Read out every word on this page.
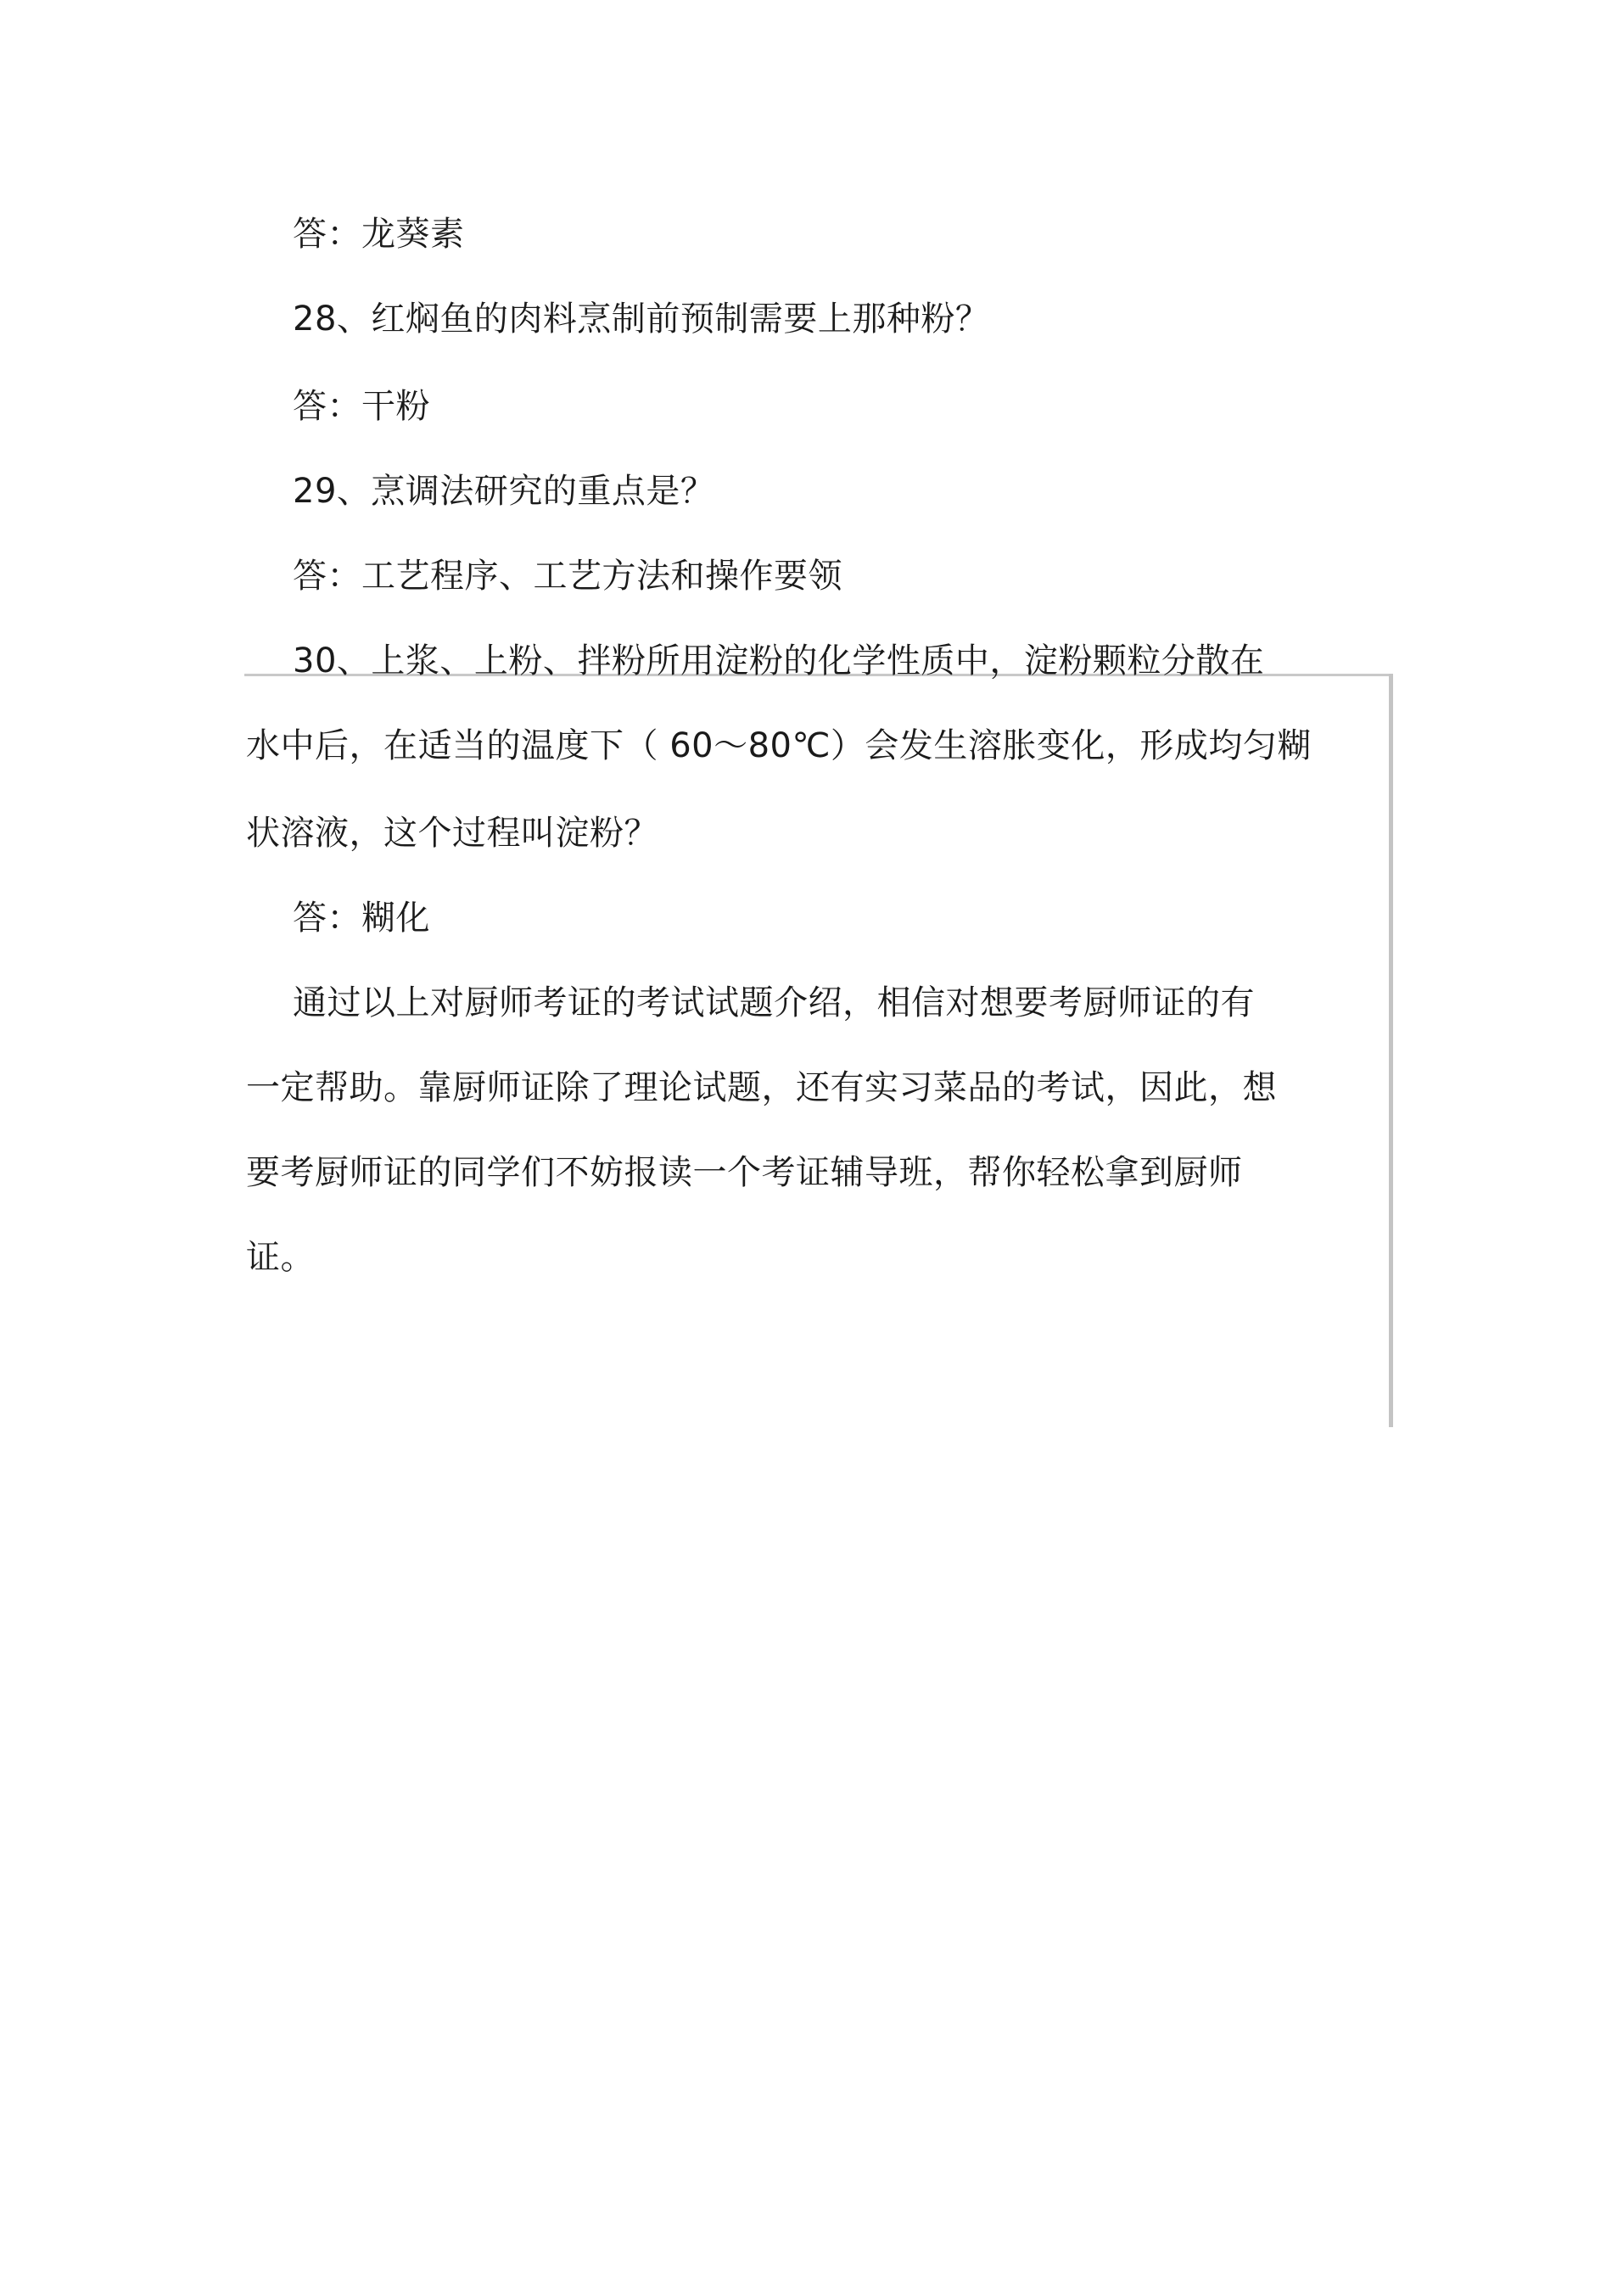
答：龙葵素
28、红焖鱼的肉料烹制前预制需要上那种粉？
答：干粉
29、烹调法研究的重点是？
答：工艺程序、工艺方法和操作要领
30、上浆、上粉、拌粉所用淀粉的化学性质中，淀粉颗粒分散在
水中后，在适当的温度下（ 60～80℃）会发生溶胀变化，形成均匀糊
状溶液，这个过程叫淀粉？
答：糊化
通过以上对厨师考证的考试试题介绍，相信对想要考厨师证的有
一定帮助。靠厨师证除了理论试题，还有实习菜品的考试，因此，想
要考厨师证的同学们不妨报读一个考证辅导班，帮你轻松拿到厨师
证。
